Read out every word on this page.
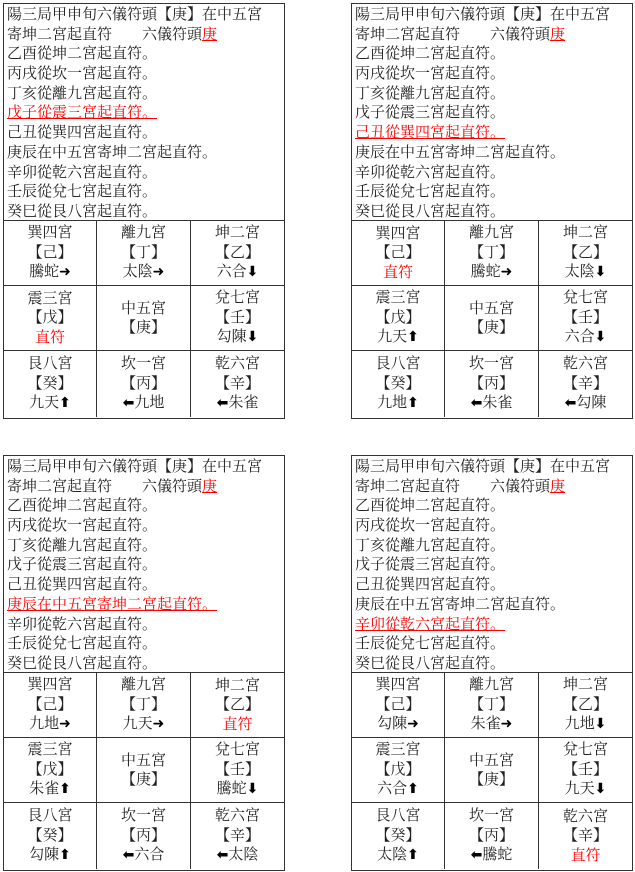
陽三局甲申旬六儀符頭【庚】在中五宮
寄坤二宮起直符　　六儀符頭庚
乙酉從坤二宮起直符。
丙戌從坎一宮起直符。
丁亥從離九宮起直符。
戊子從震三宮起直符。
己丑從巽四宮起直符。
庚辰在中五宮寄坤二宮起直符。
辛卯從乾六宮起直符。
壬辰從兌七宮起直符。
癸巳從艮八宮起直符。
巽四宮
【己】
騰蛇➜
離九宮
【丁】
太陰➜
坤二宮
【乙】
六合⬇
震三宮
【戊】
直符
中五宮
【庚】
兌七宮
【壬】
勾陳⬇
艮八宮
【癸】
九天⬆
坎一宮
【丙】
⬅九地
乾六宮
【辛】
⬅朱雀
陽三局甲申旬六儀符頭【庚】在中五宮
寄坤二宮起直符　　六儀符頭庚
乙酉從坤二宮起直符。
丙戌從坎一宮起直符。
丁亥從離九宮起直符。
戊子從震三宮起直符。
己丑從巽四宮起直符。
庚辰在中五宮寄坤二宮起直符。
辛卯從乾六宮起直符。
壬辰從兌七宮起直符。
癸巳從艮八宮起直符。
巽四宮
【己】
直符
離九宮
【丁】
騰蛇➜
坤二宮
【乙】
太陰⬇
震三宮
【戊】
九天⬆
中五宮
【庚】
兌七宮
【壬】
六合⬇
艮八宮
【癸】
九地⬆
坎一宮
【丙】
⬅朱雀
乾六宮
【辛】
⬅勾陳
陽三局甲申旬六儀符頭【庚】在中五宮
寄坤二宮起直符　　六儀符頭庚
乙酉從坤二宮起直符。
丙戌從坎一宮起直符。
丁亥從離九宮起直符。
戊子從震三宮起直符。
己丑從巽四宮起直符。
庚辰在中五宮寄坤二宮起直符。
辛卯從乾六宮起直符。
壬辰從兌七宮起直符。
癸巳從艮八宮起直符。
巽四宮
【己】
九地➜
離九宮
【丁】
九天➜
坤二宮
【乙】
直符
震三宮
【戊】
朱雀⬆
中五宮
【庚】
兌七宮
【壬】
騰蛇⬇
艮八宮
【癸】
勾陳⬆
坎一宮
【丙】
⬅六合
乾六宮
【辛】
⬅太陰
陽三局甲申旬六儀符頭【庚】在中五宮
寄坤二宮起直符　　六儀符頭庚
乙酉從坤二宮起直符。
丙戌從坎一宮起直符。
丁亥從離九宮起直符。
戊子從震三宮起直符。
己丑從巽四宮起直符。
庚辰在中五宮寄坤二宮起直符。
辛卯從乾六宮起直符。
壬辰從兌七宮起直符。
癸巳從艮八宮起直符。
巽四宮
【己】
勾陳➜
離九宮
【丁】
朱雀➜
坤二宮
【乙】
九地⬇
震三宮
【戊】
六合⬆
中五宮
【庚】
兌七宮
【壬】
九天⬇
艮八宮
【癸】
太陰⬆
坎一宮
【丙】
⬅騰蛇
乾六宮
【辛】
直符
